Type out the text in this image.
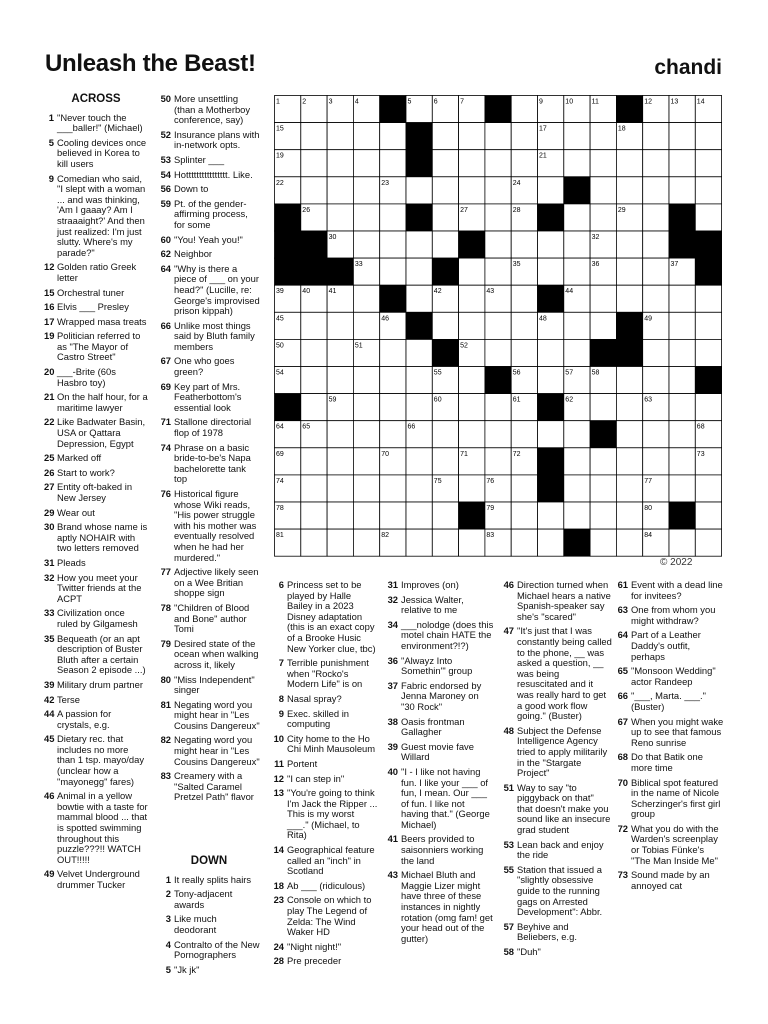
Unleash the Beast!	chandi
1	2	3	4	5	6	7	9	10	11	12	13	14
15	17	18
19	21
22	23	24
26	27	28	29
30	32
33	35	36	37
39	40	41	42	43	44
45	46	48	49
50	51	52
54	55	56	57	58
59	60	61	62	63
64	65	66	68
69	70	71	72	73
74	75	76	77
78	79	80
81	82	83	84
© 2022
ACROSS
1 "Never touch the ___baller!" (Michael)
5 Cooling devices once believed in Korea to kill users
9 Comedian who said, "I slept with a woman ... and was thinking, 'Am I gaaay? Am I straaaight?' And then just realized: I'm just slutty. Where's my parade?"
12 Golden ratio Greek letter
15 Orchestral tuner
16 Elvis ___ Presley
17 Wrapped masa treats
19 Politician referred to as "The Mayor of Castro Street"
20 ___-Brite (60s Hasbro toy)
21 On the half hour, for a maritime lawyer
22 Like Badwater Basin, USA or Qattara Depression, Egypt
25 Marked off
26 Start to work?
27 Entity oft-baked in New Jersey
29 Wear out
30 Brand whose name is aptly NOHAIR with two letters removed
31 Pleads
32 How you meet your Twitter friends at the ACPT
33 Civilization once ruled by Gilgamesh
35 Bequeath (or an apt description of Buster Bluth after a certain Season 2 episode ...)
39 Military drum partner
42 Terse
44 A passion for crystals, e.g.
45 Dietary rec. that includes no more than 1 tsp. mayo/day (unclear how a "mayonegg" fares)
46 Animal in a yellow bowtie with a taste for mammal blood ... that is spotted swimming throughout this puzzle???!! WATCH OUT!!!!!
49 Velvet Underground drummer Tucker
50 More unsettling (than a Motherboy conference, say)
52 Insurance plans with in-network opts.
53 Splinter ___
54 Hotttttttttttttttt. Like.
56 Down to
59 Pt. of the gender-affirming process, for some
60 "You! Yeah you!"
62 Neighbor
64 "Why is there a piece of ___ on your head?" (Lucille, re: George's improvised prison kippah)
66 Unlike most things said by Bluth family members
67 One who goes green?
69 Key part of Mrs. Featherbottom's essential look
71 Stallone directorial flop of 1978
74 Phrase on a basic bride-to-be's Napa bachelorette tank top
76 Historical figure whose Wiki reads, "His power struggle with his mother was eventually resolved when he had her murdered."
77 Adjective likely seen on a Wee Britian shoppe sign
78 "Children of Blood and Bone" author Tomi
79 Desired state of the ocean when walking across it, likely
80 "Miss Independent" singer
81 Negating word you might hear in "Les Cousins Dangereux"
82 Negating word you might hear in "Les Cousins Dangereux"
83 Creamery with a "Salted Caramel Pretzel Path" flavor
DOWN
1 It really splits hairs
2 Tony-adjacent awards
3 Like much deodorant
4 Contralto of the New Pornographers
5 "Jk jk"
6 Princess set to be played by Halle Bailey in a 2023 Disney adaptation (this is an exact copy of a Brooke Husic New Yorker clue, tbc)
7 Terrible punishment when "Rocko's Modern Life" is on
8 Nasal spray?
9 Exec. skilled in computing
10 City home to the Ho Chi Minh Mausoleum
11 Portent
12 "I can step in"
13 "You're going to think I'm Jack the Ripper ... This is my worst ___." (Michael, to Rita)
14 Geographical feature called an "inch" in Scotland
18 Ab ___ (ridiculous)
23 Console on which to play The Legend of Zelda: The Wind Waker HD
24 "Night night!"
28 Pre preceder
31 Improves (on)
32 Jessica Walter, relative to me
34 ___nolodge (does this motel chain HATE the environment?!?)
36 "Alwayz Into Somethin'" group
37 Fabric endorsed by Jenna Maroney on "30 Rock"
38 Oasis frontman Gallagher
39 Guest movie fave Willard
40 "I - I like not having fun. I like your ___ of fun, I mean. Our ___ of fun. I like not having that." (George Michael)
41 Beers provided to saisonniers working the land
43 Michael Bluth and Maggie Lizer might have three of these instances in nightly rotation (omg fam! get your head out of the gutter)
46 Direction turned when Michael hears a native Spanish-speaker say she's "scared"
47 "It's just that I was constantly being called to the phone, __ was asked a question, __ was being resuscitated and it was really hard to get a good work flow going." (Buster)
48 Subject the Defense Intelligence Agency tried to apply militarily in the "Stargate Project"
51 Way to say "to piggyback on that" that doesn't make you sound like an insecure grad student
53 Lean back and enjoy the ride
55 Station that issued a "slightly obsessive guide to the running gags on Arrested Development": Abbr.
57 Beyhive and Beliebers, e.g.
58 "Duh"
61 Event with a dead line for invitees?
63 One from whom you might withdraw?
64 Part of a Leather Daddy's outfit, perhaps
65 "Monsoon Wedding" actor Randeep
66 "___, Marta. ___." (Buster)
67 When you might wake up to see that famous Reno sunrise
68 Do that Batik one more time
70 Biblical spot featured in the name of Nicole Scherzinger's first girl group
72 What you do with the Warden's screenplay or Tobias Fünke's "The Man Inside Me"
73 Sound made by an annoyed cat
